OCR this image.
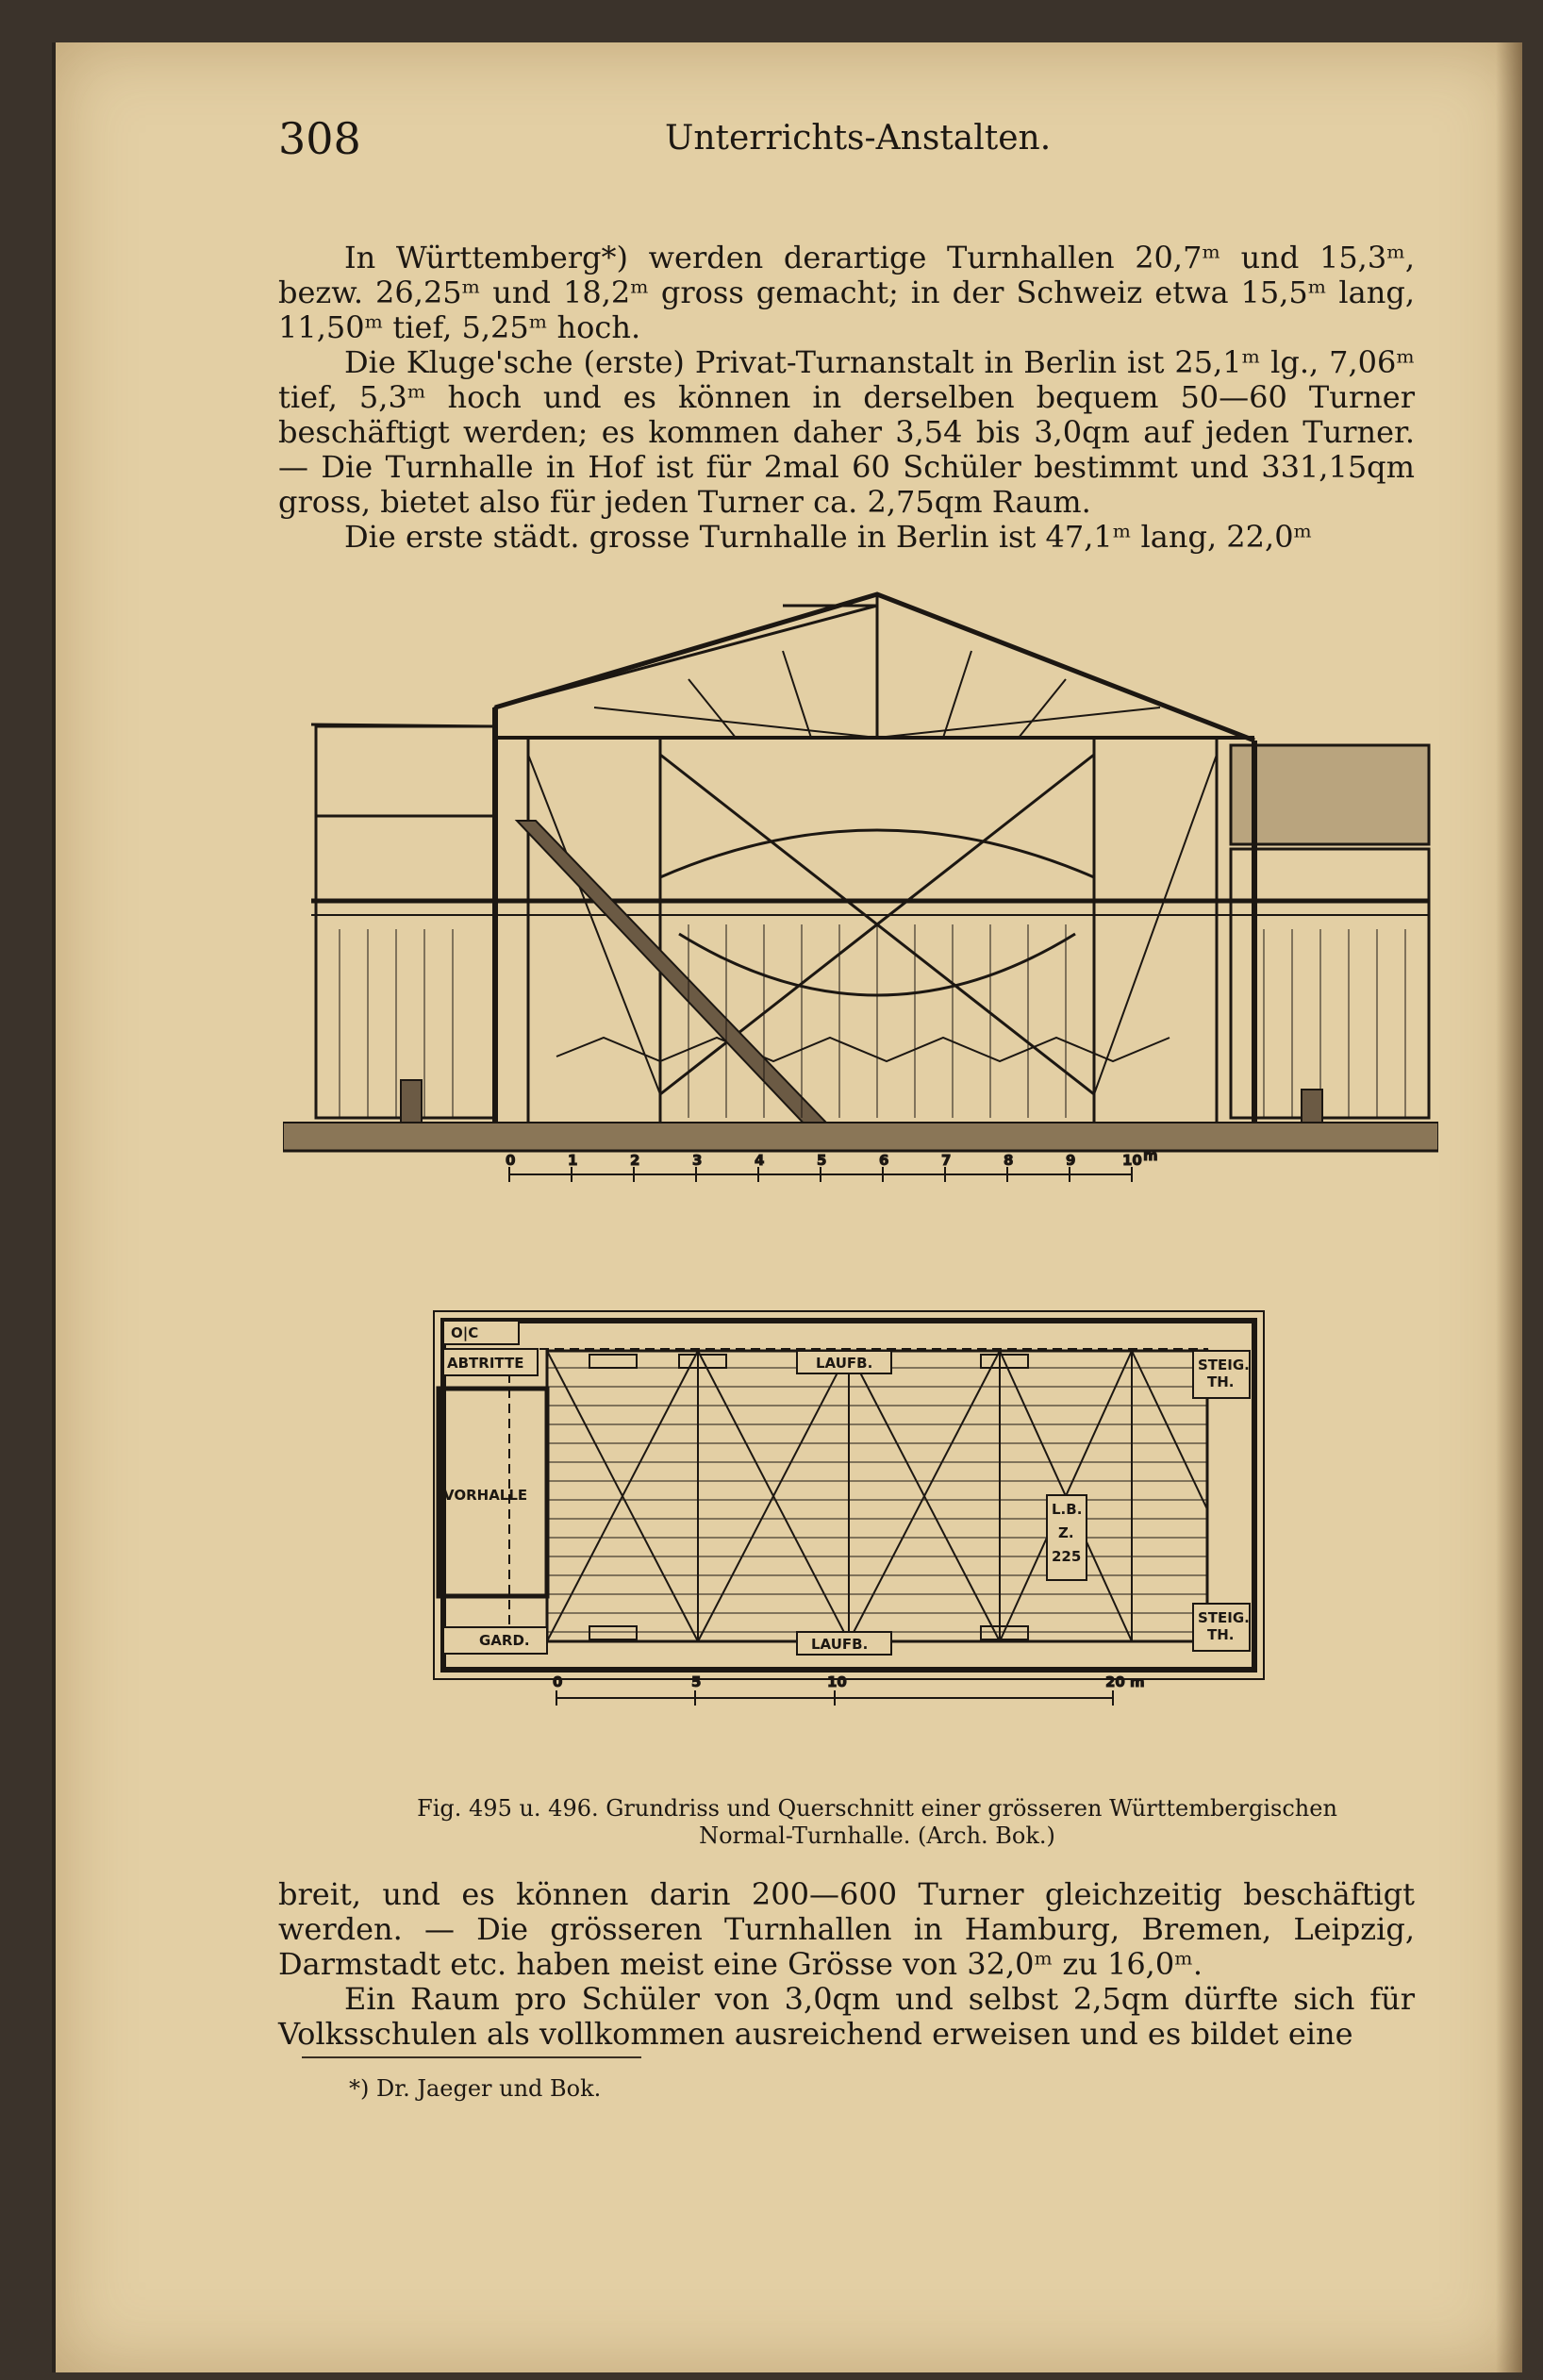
308	Unterrichts-Anstalten.

In Württemberg*) werden derartige Turnhallen 20,7ᵐ und 15,3ᵐ, bezw. 26,25ᵐ und 18,2ᵐ gross gemacht; in der Schweiz etwa 15,5ᵐ lang, 11,50ᵐ tief, 5,25ᵐ hoch.

Die Kluge'sche (erste) Privat-Turnanstalt in Berlin ist 25,1ᵐ lg., 7,06ᵐ tief, 5,3ᵐ hoch und es können in derselben bequem 50—60 Turner beschäftigt werden; es kommen daher 3,54 bis 3,0qm auf jeden Turner. — Die Turnhalle in Hof ist für 2mal 60 Schüler bestimmt und 331,15qm gross, bietet also für jeden Turner ca. 2,75qm Raum.

Die erste städt. grosse Turnhalle in Berlin ist 47,1ᵐ lang, 22,0ᵐ

0	1	2	3	4	5	6	7	8	9	10 m
O|C
ABTRITTE	LAUFB.	STEIG.
TH.
VORHALLE
L.B.
Z.
225
GARD.	LAUFB.
STEIG.
TH.
0	5	10	20 m
Fig. 495 u. 496. Grundriss und Querschnitt einer grösseren Württembergischen
Normal-Turnhalle. (Arch. Bok.)

breit, und es können darin 200—600 Turner gleichzeitig beschäftigt werden. — Die grösseren Turnhallen in Hamburg, Bremen, Leipzig, Darmstadt etc. haben meist eine Grösse von 32,0ᵐ zu 16,0ᵐ.

Ein Raum pro Schüler von 3,0qm und selbst 2,5qm dürfte sich für Volksschulen als vollkommen ausreichend erweisen und es bildet eine

*) Dr. Jaeger und Bok.
